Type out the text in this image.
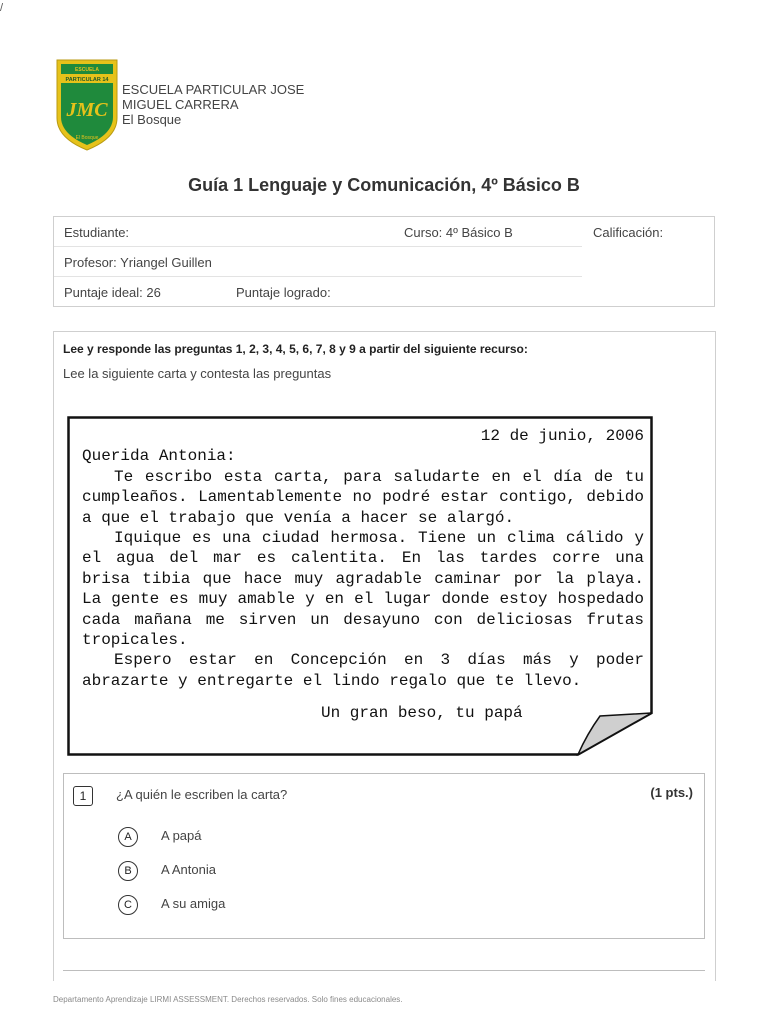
/
ESCUELA
PARTICULAR 14
JMC
El Bosque
ESCUELA PARTICULAR JOSE
MIGUEL CARRERA
El Bosque
Guía 1 Lenguaje y Comunicación, 4º Básico B
Estudiante:	Curso: 4º Básico B	Calificación:
Profesor: Yriangel Guillen
Puntaje ideal: 26	Puntaje logrado:
Lee y responde las preguntas 1, 2, 3, 4, 5, 6, 7, 8 y 9 a partir del siguiente recurso:
Lee la siguiente carta y contesta las preguntas

12 de junio, 2006

Querida Antonia:

Te escribo esta carta, para saludarte en el día de tu cumpleaños. Lamentablemente no podré estar contigo, debido a que el trabajo que venía a hacer se alargó.

Iquique es una ciudad hermosa. Tiene un clima cálido y el agua del mar es calentita. En las tardes corre una brisa tibia que hace muy agradable caminar por la playa. La gente es muy amable y en el lugar donde estoy hospedado cada mañana me sirven un desayuno con deliciosas frutas tropicales.

Espero estar en Concepción en 3 días más y poder abrazarte y entregarte el lindo regalo que te llevo.

Un gran beso, tu papá

1	¿A quién le escriben la carta?	(1 pts.)
A	A papá
B	A Antonia
C	A su amiga
Departamento Aprendizaje LIRMI ASSESSMENT. Derechos reservados. Solo fines educacionales.
